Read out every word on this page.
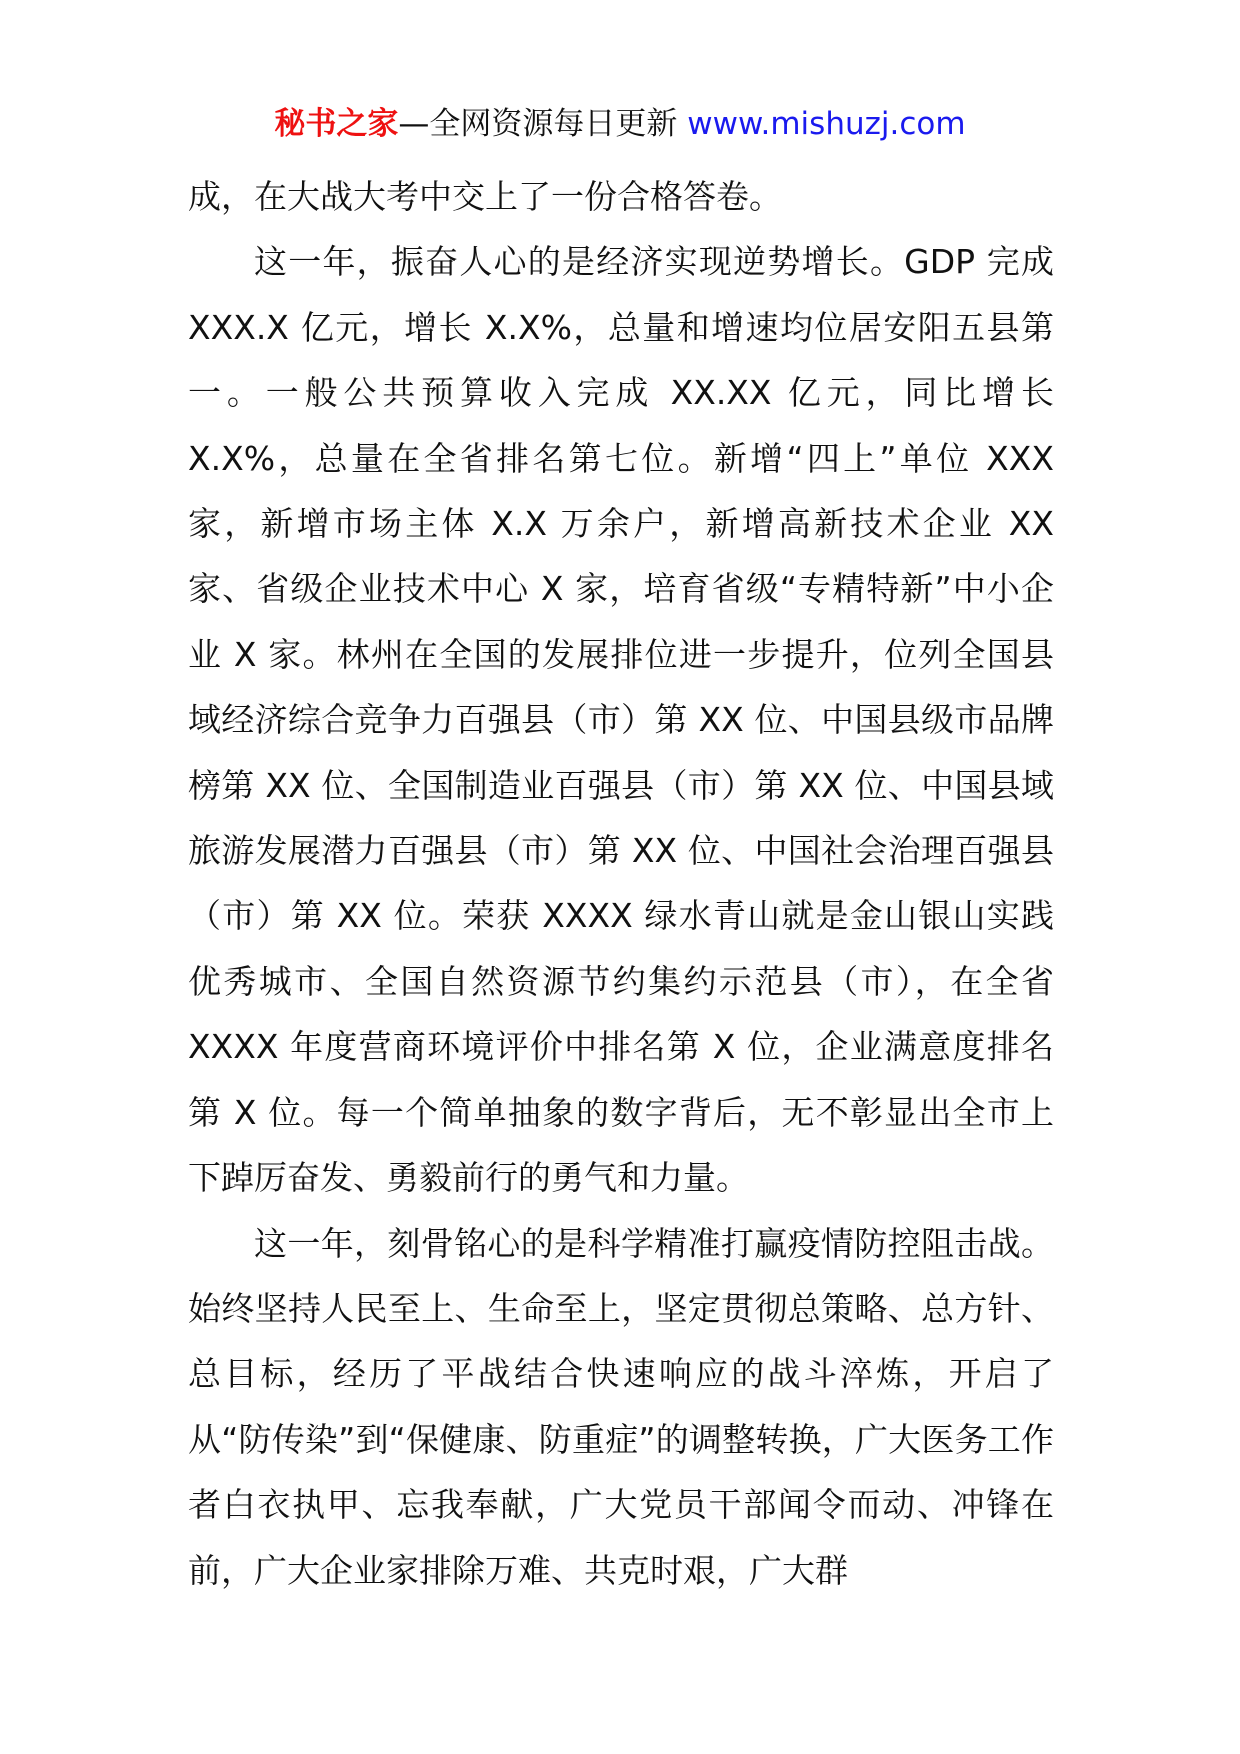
秘书之家—全网资源每日更新 www.mishuzj.com

成，在大战大考中交上了一份合格答卷。

这一年，振奋人心的是经济实现逆势增长。GDP 完成 XXX.X 亿元，增长 X.X%，总量和增速均位居安阳五县第一。一般公共预算收入完成 XX.XX 亿元，同比增长 X.X%，总量在全省排名第七位。新增“四上”单位 XXX 家，新增市场主体 X.X 万余户，新增高新技术企业 XX 家、省级企业技术中心 X 家，培育省级“专精特新”中小企业 X 家。林州在全国的发展排位进一步提升，位列全国县域经济综合竞争力百强县（市）第 XX 位、中国县级市品牌榜第 XX 位、全国制造业百强县（市）第 XX 位、中国县域旅游发展潜力百强县（市）第 XX 位、中国社会治理百强县（市）第 XX 位。荣获 XXXX 绿水青山就是金山银山实践优秀城市、全国自然资源节约集约示范县（市），在全省 XXXX 年度营商环境评价中排名第 X 位，企业满意度排名第 X 位。每一个简单抽象的数字背后，无不彰显出全市上下踔厉奋发、勇毅前行的勇气和力量。

这一年，刻骨铭心的是科学精准打赢疫情防控阻击战。始终坚持人民至上、生命至上，坚定贯彻总策略、总方针、总目标，经历了平战结合快速响应的战斗淬炼，开启了从“防传染”到“保健康、防重症”的调整转换，广大医务工作者白衣执甲、忘我奉献，广大党员干部闻令而动、冲锋在前，广大企业家排除万难、共克时艰，广大群
